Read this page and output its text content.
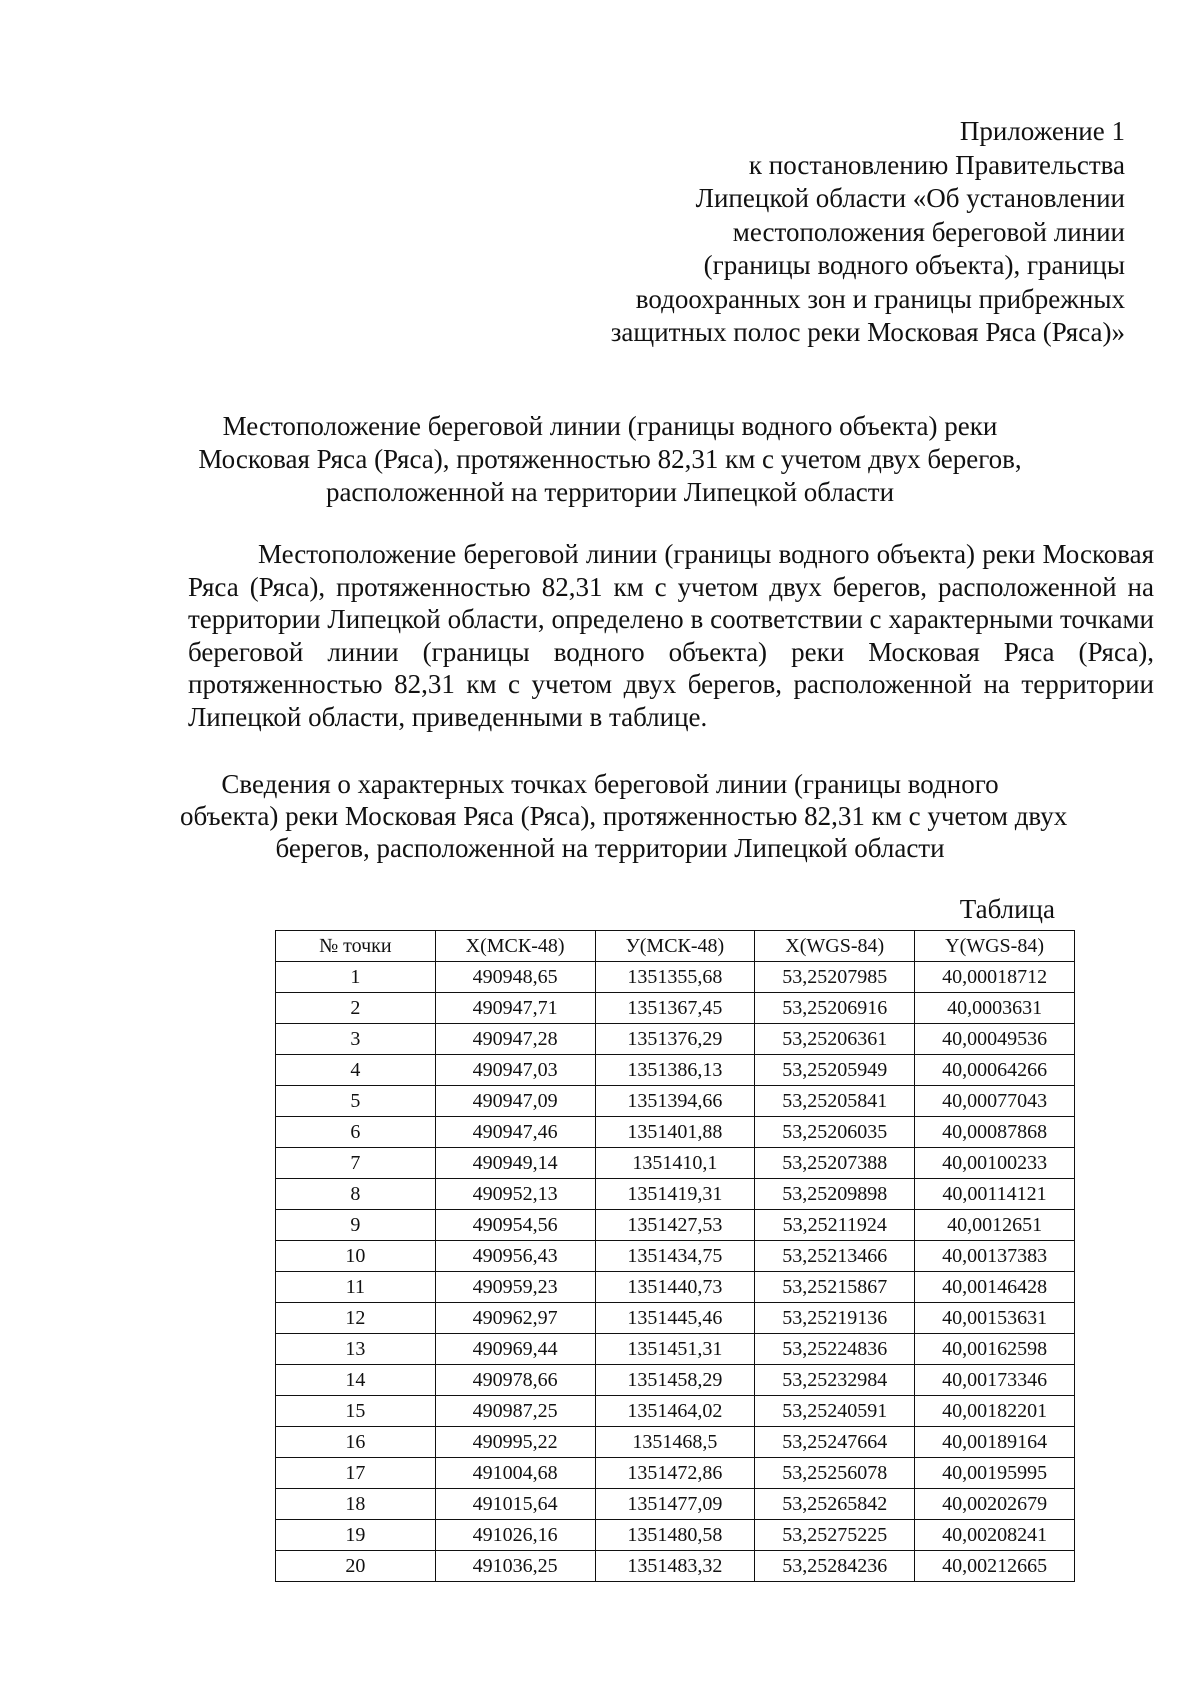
Приложение 1
к постановлению Правительства
Липецкой области «Об установлении
местоположения береговой линии
(границы водного объекта), границы
водоохранных зон и границы прибрежных
защитных полос реки Московая Ряса (Ряса)»
Местоположение береговой линии (границы водного объекта) реки
Московая Ряса (Ряса), протяженностью 82,31 км с учетом двух берегов,
расположенной на территории Липецкой области

Местоположение береговой линии (границы водного объекта) реки Московая Ряса (Ряса), протяженностью 82,31 км с учетом двух берегов, расположенной на территории Липецкой области, определено в соответствии с характерными точками береговой линии (границы водного объекта) реки Московая Ряса (Ряса), протяженностью 82,31 км с учетом двух берегов, расположенной на территории Липецкой области, приведенными в таблице.

Сведения о характерных точках береговой линии (границы водного
объекта) реки Московая Ряса (Ряса), протяженностью 82,31 км с учетом двух
берегов, расположенной на территории Липецкой области
Таблица
№ точки	Х(МСК-48)	У(МСК-48)	Х(WGS-84)	Y(WGS-84)
1	490948,65	1351355,68	53,25207985	40,00018712
2	490947,71	1351367,45	53,25206916	40,0003631
3	490947,28	1351376,29	53,25206361	40,00049536
4	490947,03	1351386,13	53,25205949	40,00064266
5	490947,09	1351394,66	53,25205841	40,00077043
6	490947,46	1351401,88	53,25206035	40,00087868
7	490949,14	1351410,1	53,25207388	40,00100233
8	490952,13	1351419,31	53,25209898	40,00114121
9	490954,56	1351427,53	53,25211924	40,0012651
10	490956,43	1351434,75	53,25213466	40,00137383
11	490959,23	1351440,73	53,25215867	40,00146428
12	490962,97	1351445,46	53,25219136	40,00153631
13	490969,44	1351451,31	53,25224836	40,00162598
14	490978,66	1351458,29	53,25232984	40,00173346
15	490987,25	1351464,02	53,25240591	40,00182201
16	490995,22	1351468,5	53,25247664	40,00189164
17	491004,68	1351472,86	53,25256078	40,00195995
18	491015,64	1351477,09	53,25265842	40,00202679
19	491026,16	1351480,58	53,25275225	40,00208241
20	491036,25	1351483,32	53,25284236	40,00212665
